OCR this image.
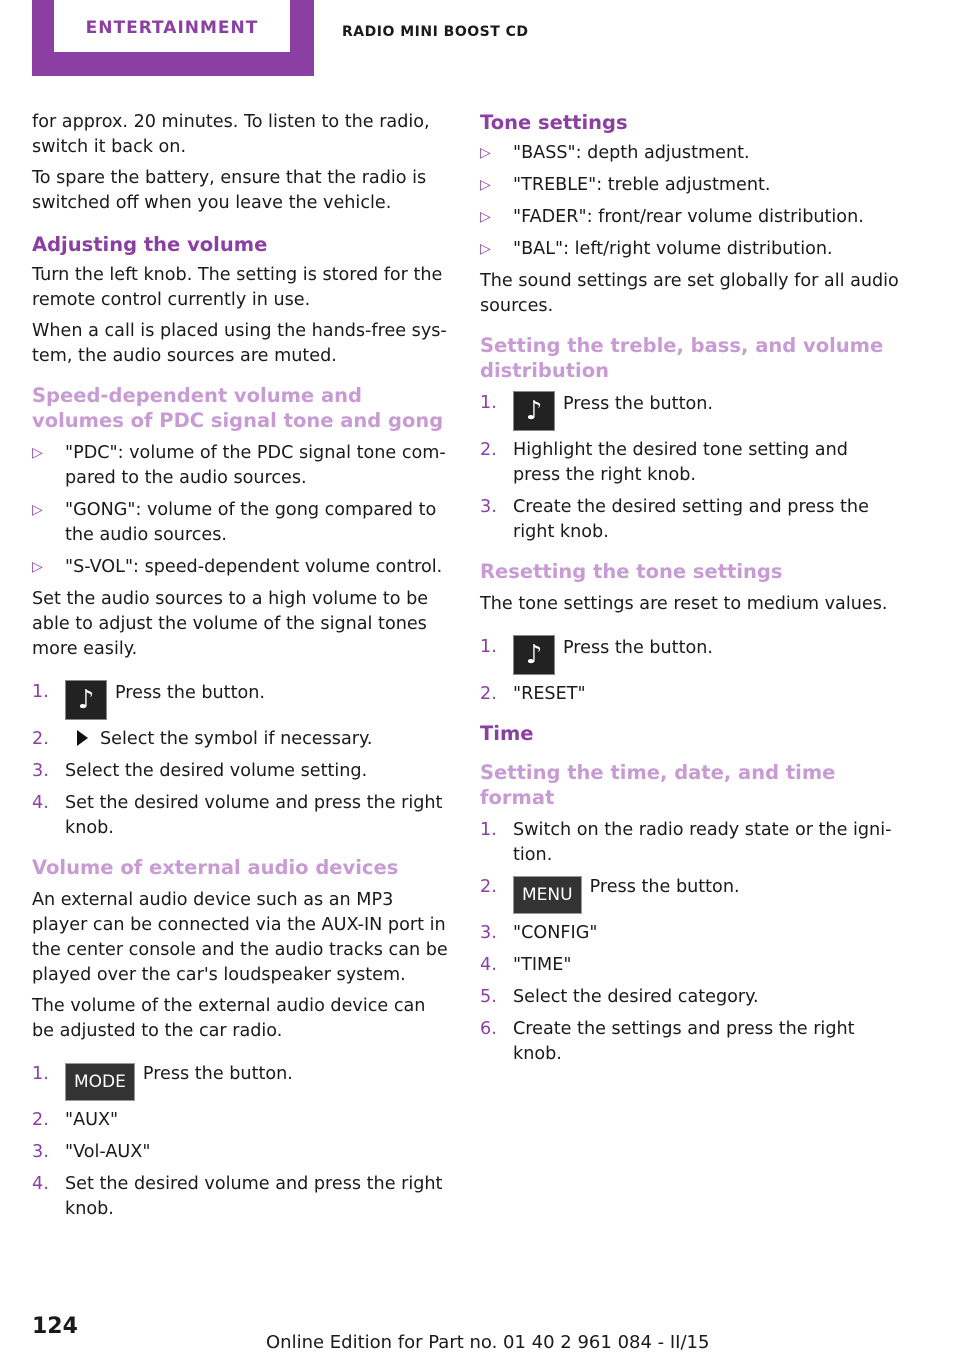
ENTERTAINMENT	RADIO MINI BOOST CD

for approx. 20 minutes. To listen to the radio, switch it back on.

To spare the battery, ensure that the radio is switched off when you leave the vehicle.

Adjusting the volume

Turn the left knob. The setting is stored for the remote control currently in use.

When a call is placed using the hands-free sys‐ tem, the audio sources are muted.

Speed-dependent volume and volumes of PDC signal tone and gong
▷ "PDC": volume of the PDC signal tone com‐ pared to the audio sources.
▷ "GONG": volume of the gong compared to the audio sources.
▷ "S-VOL": speed-dependent volume control.

Set the audio sources to a high volume to be able to adjust the volume of the signal tones more easily.

1. ♪ Press the button.
2.	Select the symbol if necessary.
3. Select the desired volume setting.
4. Set the desired volume and press the right knob.
Volume of external audio devices

An external audio device such as an MP3 player can be connected via the AUX-IN port in the center console and the audio tracks can be played over the car's loudspeaker system.

The volume of the external audio device can be adjusted to the car radio.

1. MODE Press the button.
2. "AUX"
3. "Vol-AUX"
4. Set the desired volume and press the right knob.
Tone settings
▷ "BASS": depth adjustment.
▷ "TREBLE": treble adjustment.
▷ "FADER": front/rear volume distribution.
▷ "BAL": left/right volume distribution.

The sound settings are set globally for all audio sources.

Setting the treble, bass, and volume distribution
1. ♪ Press the button.
2. Highlight the desired tone setting and press the right knob.
3. Create the desired setting and press the right knob.
Resetting the tone settings

The tone settings are reset to medium values.

1. ♪ Press the button.
2. "RESET"
Time
Setting the time, date, and time format
1. Switch on the radio ready state or the igni‐ tion.
2. MENU Press the button.
3. "CONFIG"
4. "TIME"
5. Select the desired category.
6. Create the settings and press the right knob.
124
Online Edition for Part no. 01 40 2 961 084 - II/15
